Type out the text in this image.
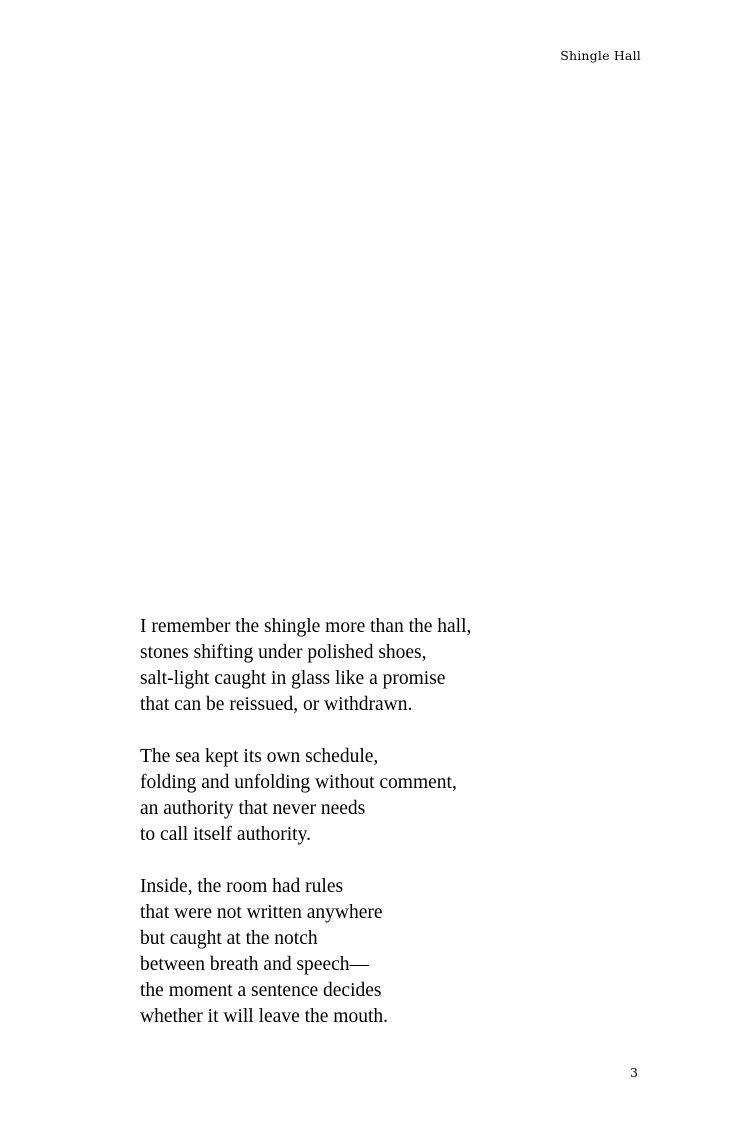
Shingle Hall
I remember the shingle more than the hall,
stones shifting under polished shoes,
salt-light caught in glass like a promise
that can be reissued, or withdrawn.
The sea kept its own schedule,
folding and unfolding without comment,
an authority that never needs
to call itself authority.
Inside, the room had rules
that were not written anywhere
but caught at the notch
between breath and speech—
the moment a sentence decides
whether it will leave the mouth.
3
